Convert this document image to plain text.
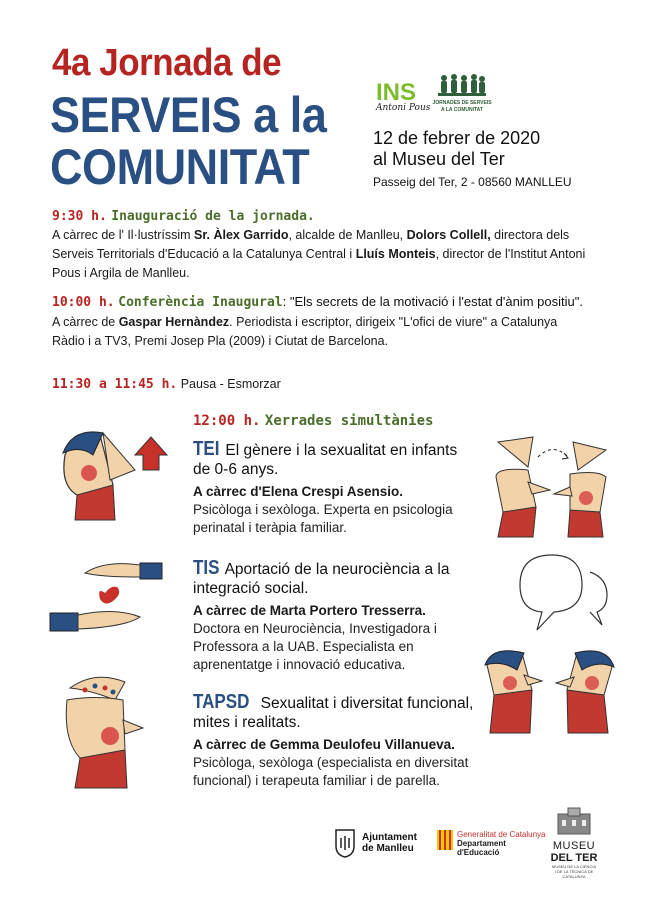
4a Jornada de
SERVEIS a la
COMUNITAT
INS
Antoni Pous JORNADES DE SERVEIS
A LA COMUNITAT
12 de febrer de 2020
al Museu del Ter
Passeig del Ter, 2 - 08560 MANLLEU
9:30 h. Inauguració de la jornada.
A càrrec de l' Il·lustríssim Sr. Àlex Garrido, alcalde de Manlleu, Dolors Collell, directora dels
Serveis Territorials d'Educació a la Catalunya Central i Lluís Monteis, director de l'Institut Antoni
Pous i Argila de Manlleu.
10:00 h. Conferència Inaugural: "Els secrets de la motivació i l'estat d'ànim positiu".
A càrrec de Gaspar Hernàndez. Periodista i escriptor, dirigeix "L'ofici de viure" a Catalunya
Ràdio i a TV3, Premi Josep Pla (2009) i Ciutat de Barcelona.
11:30 a 11:45 h. Pausa - Esmorzar
12:00 h. Xerrades simultànies
TEI El gènere i la sexualitat en infants
de 0-6 anys.
A càrrec d'Elena Crespi Asensio.
Psicòloga i sexòloga. Experta en psicologia
perinatal i teràpia familiar.
TIS Aportació de la neurociència a la
integració social.
A càrrec de Marta Portero Tresserra.
Doctora en Neurociència, Investigadora i
Professora a la UAB. Especialista en
aprenentatge i innovació educativa.
TAPSD Sexualitat i diversitat funcional,
mites i realitats.
A càrrec de Gemma Deulofeu Villanueva.
Psicòloga, sexòloga (especialista en diversitat
funcional) i terapeuta familiar i de parella.
Ajuntament
de Manlleu
Generalitat de Catalunya
Departament
d'Educació
MUSEU
DEL TER
MUSEU DE LA CIÈNCIA
I DE LA TÈCNICA DE CATALUNYA
